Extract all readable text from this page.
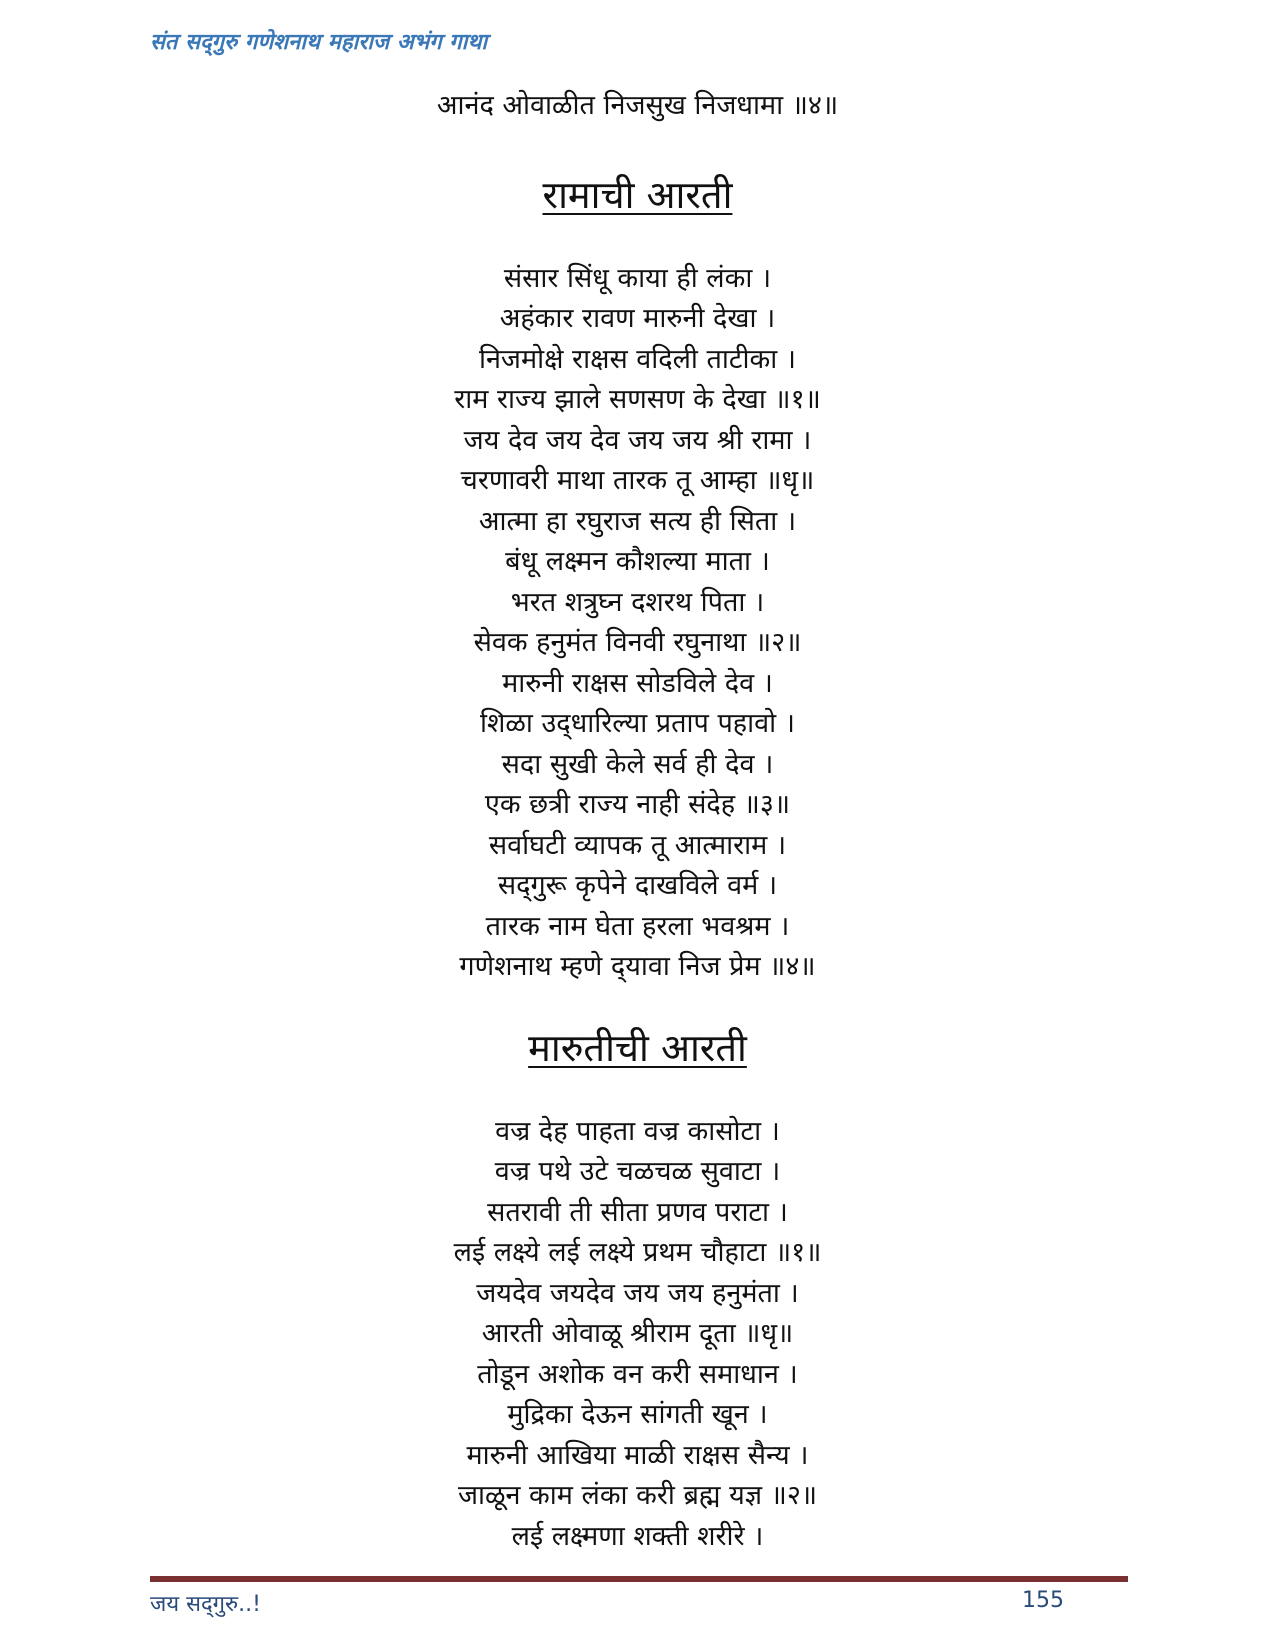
संत सद्‌गुरु गणेशनाथ महाराज अभंग गाथा
आनंद ओवाळीत निजसुख निजधामा ॥४॥
रामाची आरती
संसार सिंधू काया ही लंका ।
अहंकार रावण मारुनी देखा ।
निजमोक्षे राक्षस वदिली ताटीका ।
राम राज्य झाले सणसण के देखा ॥१॥
जय देव जय देव जय जय श्री रामा ।
चरणावरी माथा तारक तू आम्हा ॥धृ॥
आत्मा हा रघुराज सत्य ही सिता ।
बंधू लक्ष्मन कौशल्या माता ।
भरत शत्रुघ्न दशरथ पिता ।
सेवक हनुमंत विनवी रघुनाथा ॥२॥
मारुनी राक्षस सोडविले देव ।
शिळा उद्‌धारिल्या प्रताप पहावो ।
सदा सुखी केले सर्व ही देव ।
एक छत्री राज्य नाही संदेह ॥३॥
सर्वाघटी व्यापक तू आत्माराम ।
सद्‌गुरू कृपेने दाखविले वर्म ।
तारक नाम घेता हरला भवश्रम ।
गणेशनाथ म्हणे द्‌यावा निज प्रेम ॥४॥
मारुतीची आरती
वज्र देह पाहता वज्र कासोटा ।
वज्र पथे उटे चळचळ सुवाटा ।
सतरावी ती सीता प्रणव पराटा ।
लई लक्ष्ये लई लक्ष्ये प्रथम चौहाटा ॥१॥
जयदेव जयदेव जय जय हनुमंता ।
आरती ओवाळू श्रीराम दूता ॥धृ॥
तोडून अशोक वन करी समाधान ।
मुद्रिका देऊन सांगती खून ।
मारुनी आखिया माळी राक्षस सैन्य ।
जाळून काम लंका करी ब्रह्म यज्ञ ॥२॥
लई लक्ष्मणा शक्ती शरीरे ।
जय सद्‌गुरु..!	155
